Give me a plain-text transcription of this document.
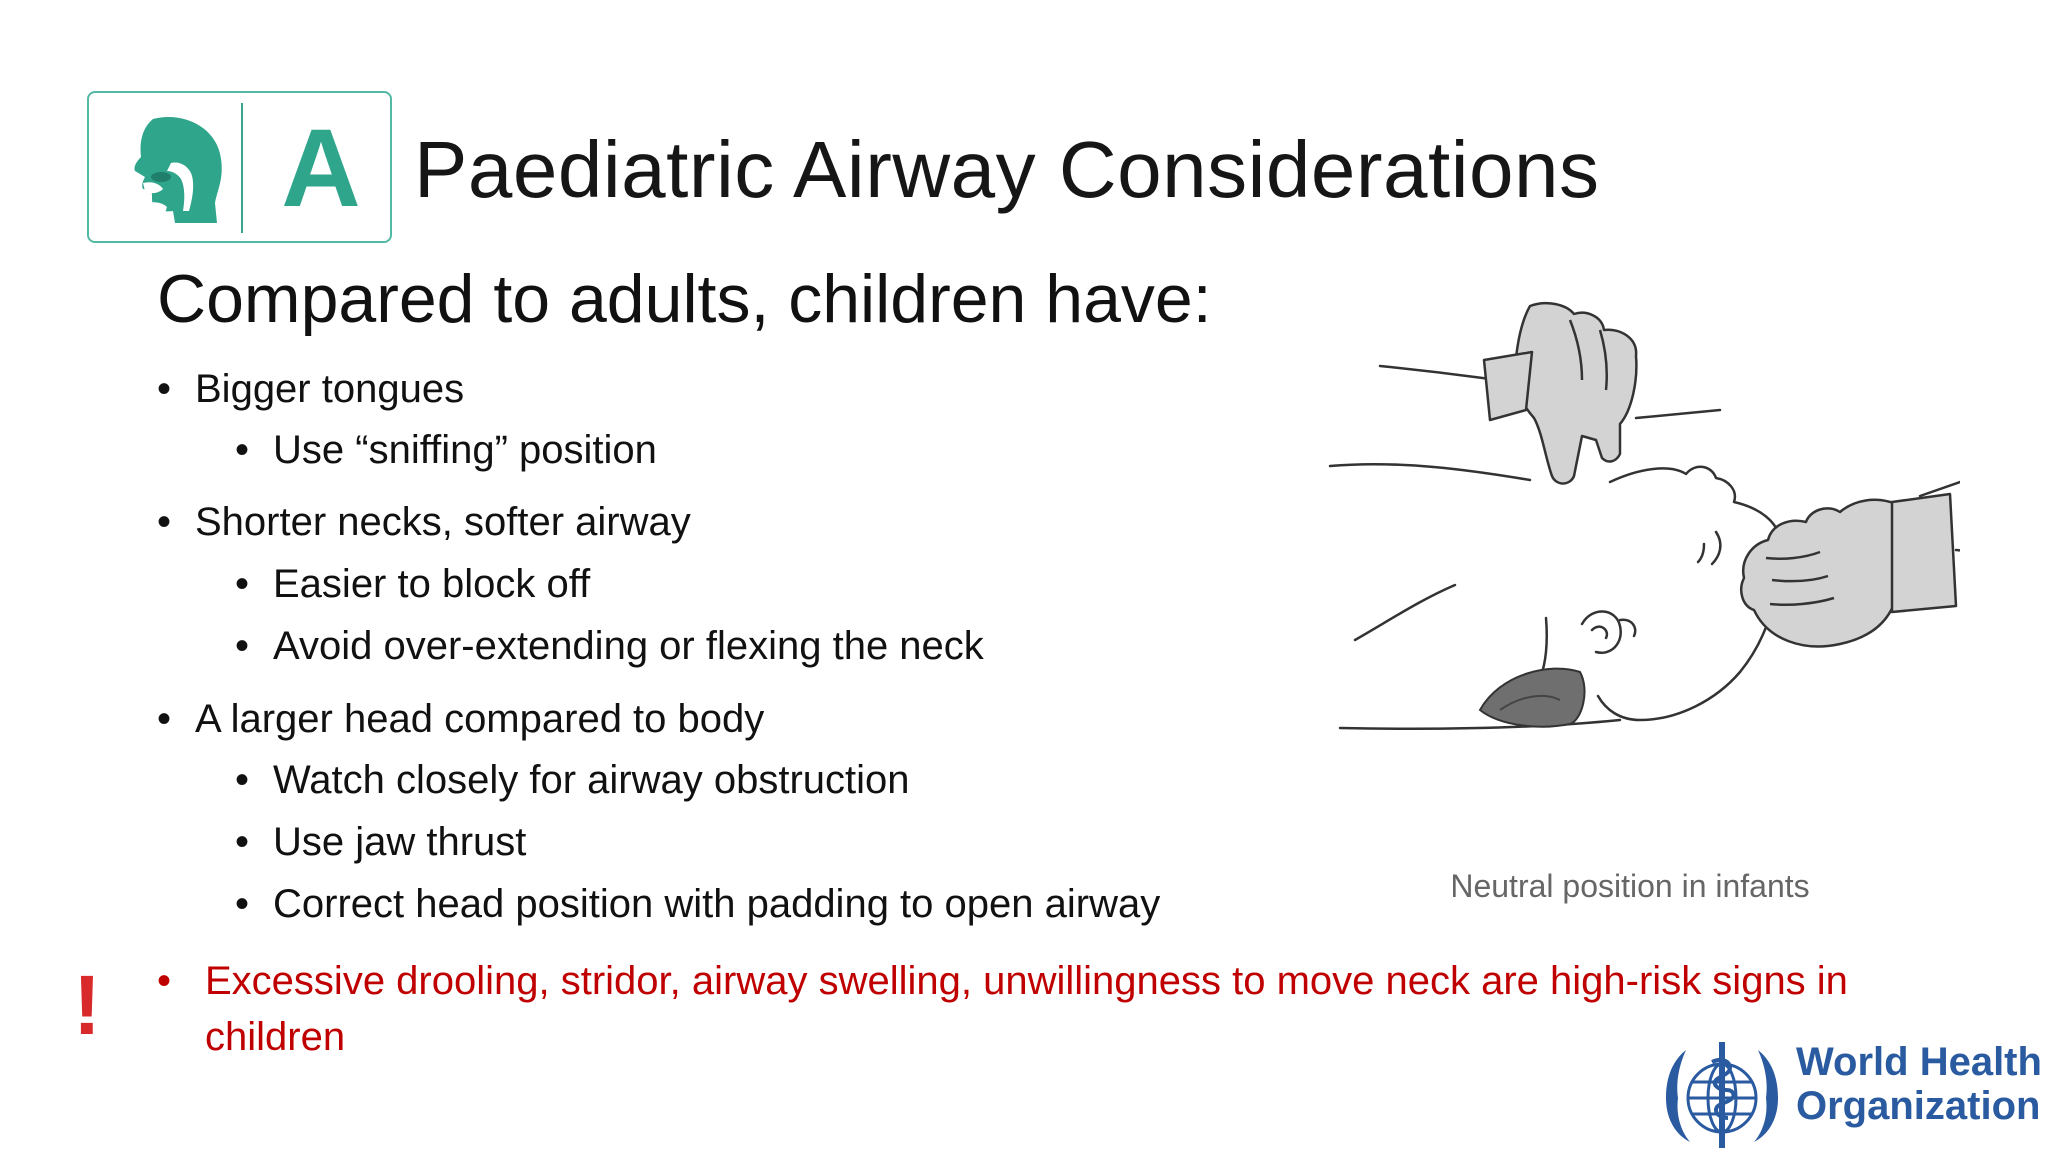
A Paediatric Airway Considerations
Compared to adults, children have:
• Bigger tongues
• Use “sniffing” position
• Shorter necks, softer airway
• Easier to block off
• Avoid over-extending or flexing the neck
• A larger head compared to body
• Watch closely for airway obstruction
• Use jaw thrust
• Correct head position with padding to open airway
! • Excessive drooling, stridor, airway swelling, unwillingness to move neck are high-risk signs in children
Neutral position in infants
World Health
Organization
